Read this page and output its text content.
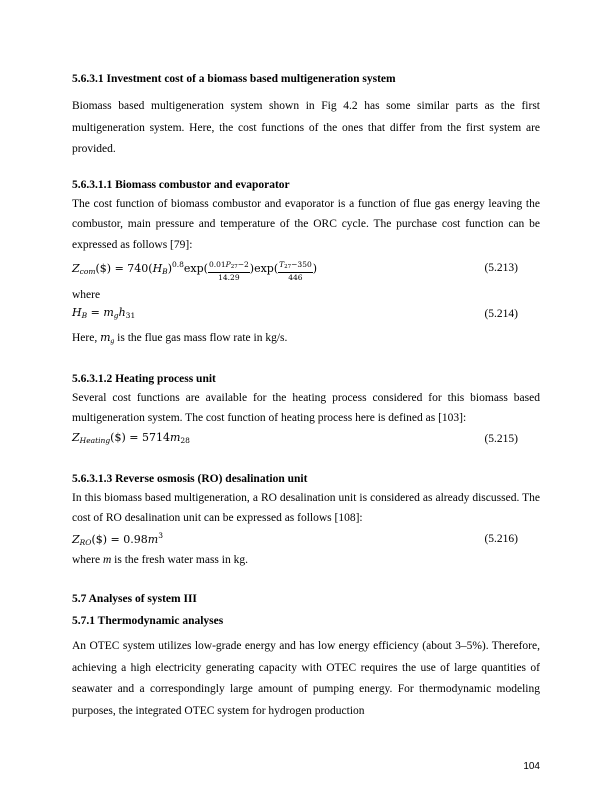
5.6.3.1 Investment cost of a biomass based multigeneration system
Biomass based multigeneration system shown in Fig 4.2 has some similar parts as the first multigeneration system. Here, the cost functions of the ones that differ from the first system are provided.
5.6.3.1.1 Biomass combustor and evaporator
The cost function of biomass combustor and evaporator is a function of flue gas energy leaving the combustor, main pressure and temperature of the ORC cycle. The purchase cost function can be expressed as follows [79]:
$Z_{com}(\$) = 740(H_B)^{0.8}\exp( \frac{0.01P_{27}-2}{14.29} )\exp( \frac{T_{27}-350}{446}$ )	(5.213)
where
$H_B = m_gh_{31}$	(5.214)
Here, $m_g$ is the flue gas mass flow rate in kg/s.
5.6.3.1.2 Heating process unit
Several cost functions are available for the heating process considered for this biomass based multigeneration system. The cost function of heating process here is defined as [103]:
$Z_{Heating}(\$) = 5714m_{28}$	(5.215)
5.6.3.1.3 Reverse osmosis (RO) desalination unit
In this biomass based multigeneration, a RO desalination unit is considered as already discussed. The cost of RO desalination unit can be expressed as follows [108]:
$Z_{RO}(\$) = 0.98m^3$	(5.216)
where m is the fresh water mass in kg.
5.7 Analyses of system III
5.7.1 Thermodynamic analyses
An OTEC system utilizes low-grade energy and has low energy efficiency (about 3–5%). Therefore, achieving a high electricity generating capacity with OTEC requires the use of large quantities of seawater and a correspondingly large amount of pumping energy. For thermodynamic modeling purposes, the integrated OTEC system for hydrogen production
104
